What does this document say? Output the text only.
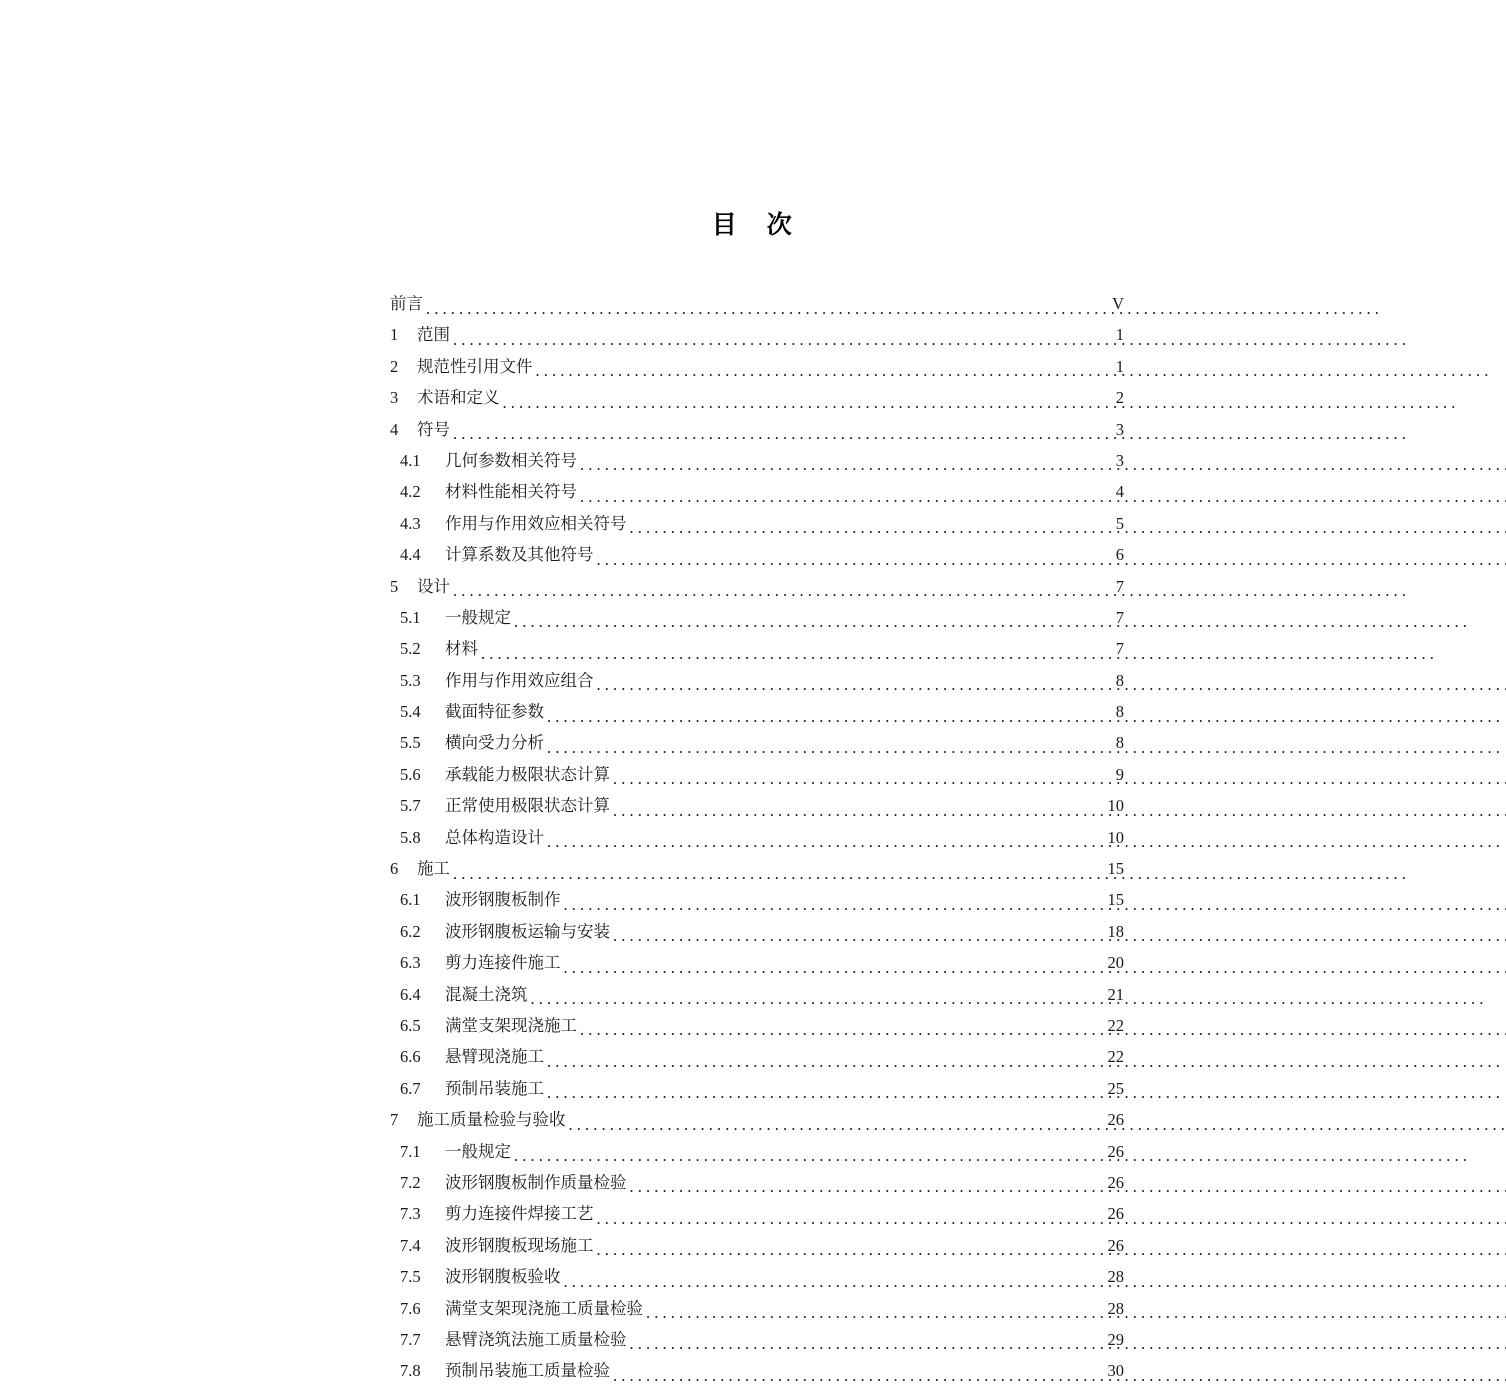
目　次
前言 . . .	V
1	范围 . . .	1
2	规范性引用文件 . . .	1
3	术语和定义 . . .	2
4	符号 . . .	3
4.1	几何参数相关符号 . . .	3
4.2	材料性能相关符号 . . .	4
4.3	作用与作用效应相关符号 . . .	5
4.4	计算系数及其他符号 . . .	6
5	设计 . . .	7
5.1	一般规定 . . .	7
5.2	材料 . . .	7
5.3	作用与作用效应组合 . . .	8
5.4	截面特征参数 . . .	8
5.5	横向受力分析 . . .	8
5.6	承载能力极限状态计算 . . .	9
5.7	正常使用极限状态计算 . . .	10
5.8	总体构造设计 . . .	10
6	施工 . . .	15
6.1	波形钢腹板制作 . . .	15
6.2	波形钢腹板运输与安装 . . .	18
6.3	剪力连接件施工 . . .	20
6.4	混凝土浇筑 . . .	21
6.5	满堂支架现浇施工 . . .	22
6.6	悬臂现浇施工 . . .	22
6.7	预制吊装施工 . . .	25
7	施工质量检验与验收 . . .	26
7.1	一般规定 . . .	26
7.2	波形钢腹板制作质量检验 . . .	26
7.3	剪力连接件焊接工艺 . . .	26
7.4	波形钢腹板现场施工 . . .	26
7.5	波形钢腹板验收 . . .	28
7.6	满堂支架现浇施工质量检验 . . .	28
7.7	悬臂浇筑法施工质量检验 . . .	29
7.8	预制吊装施工质量检验 . . .	30
